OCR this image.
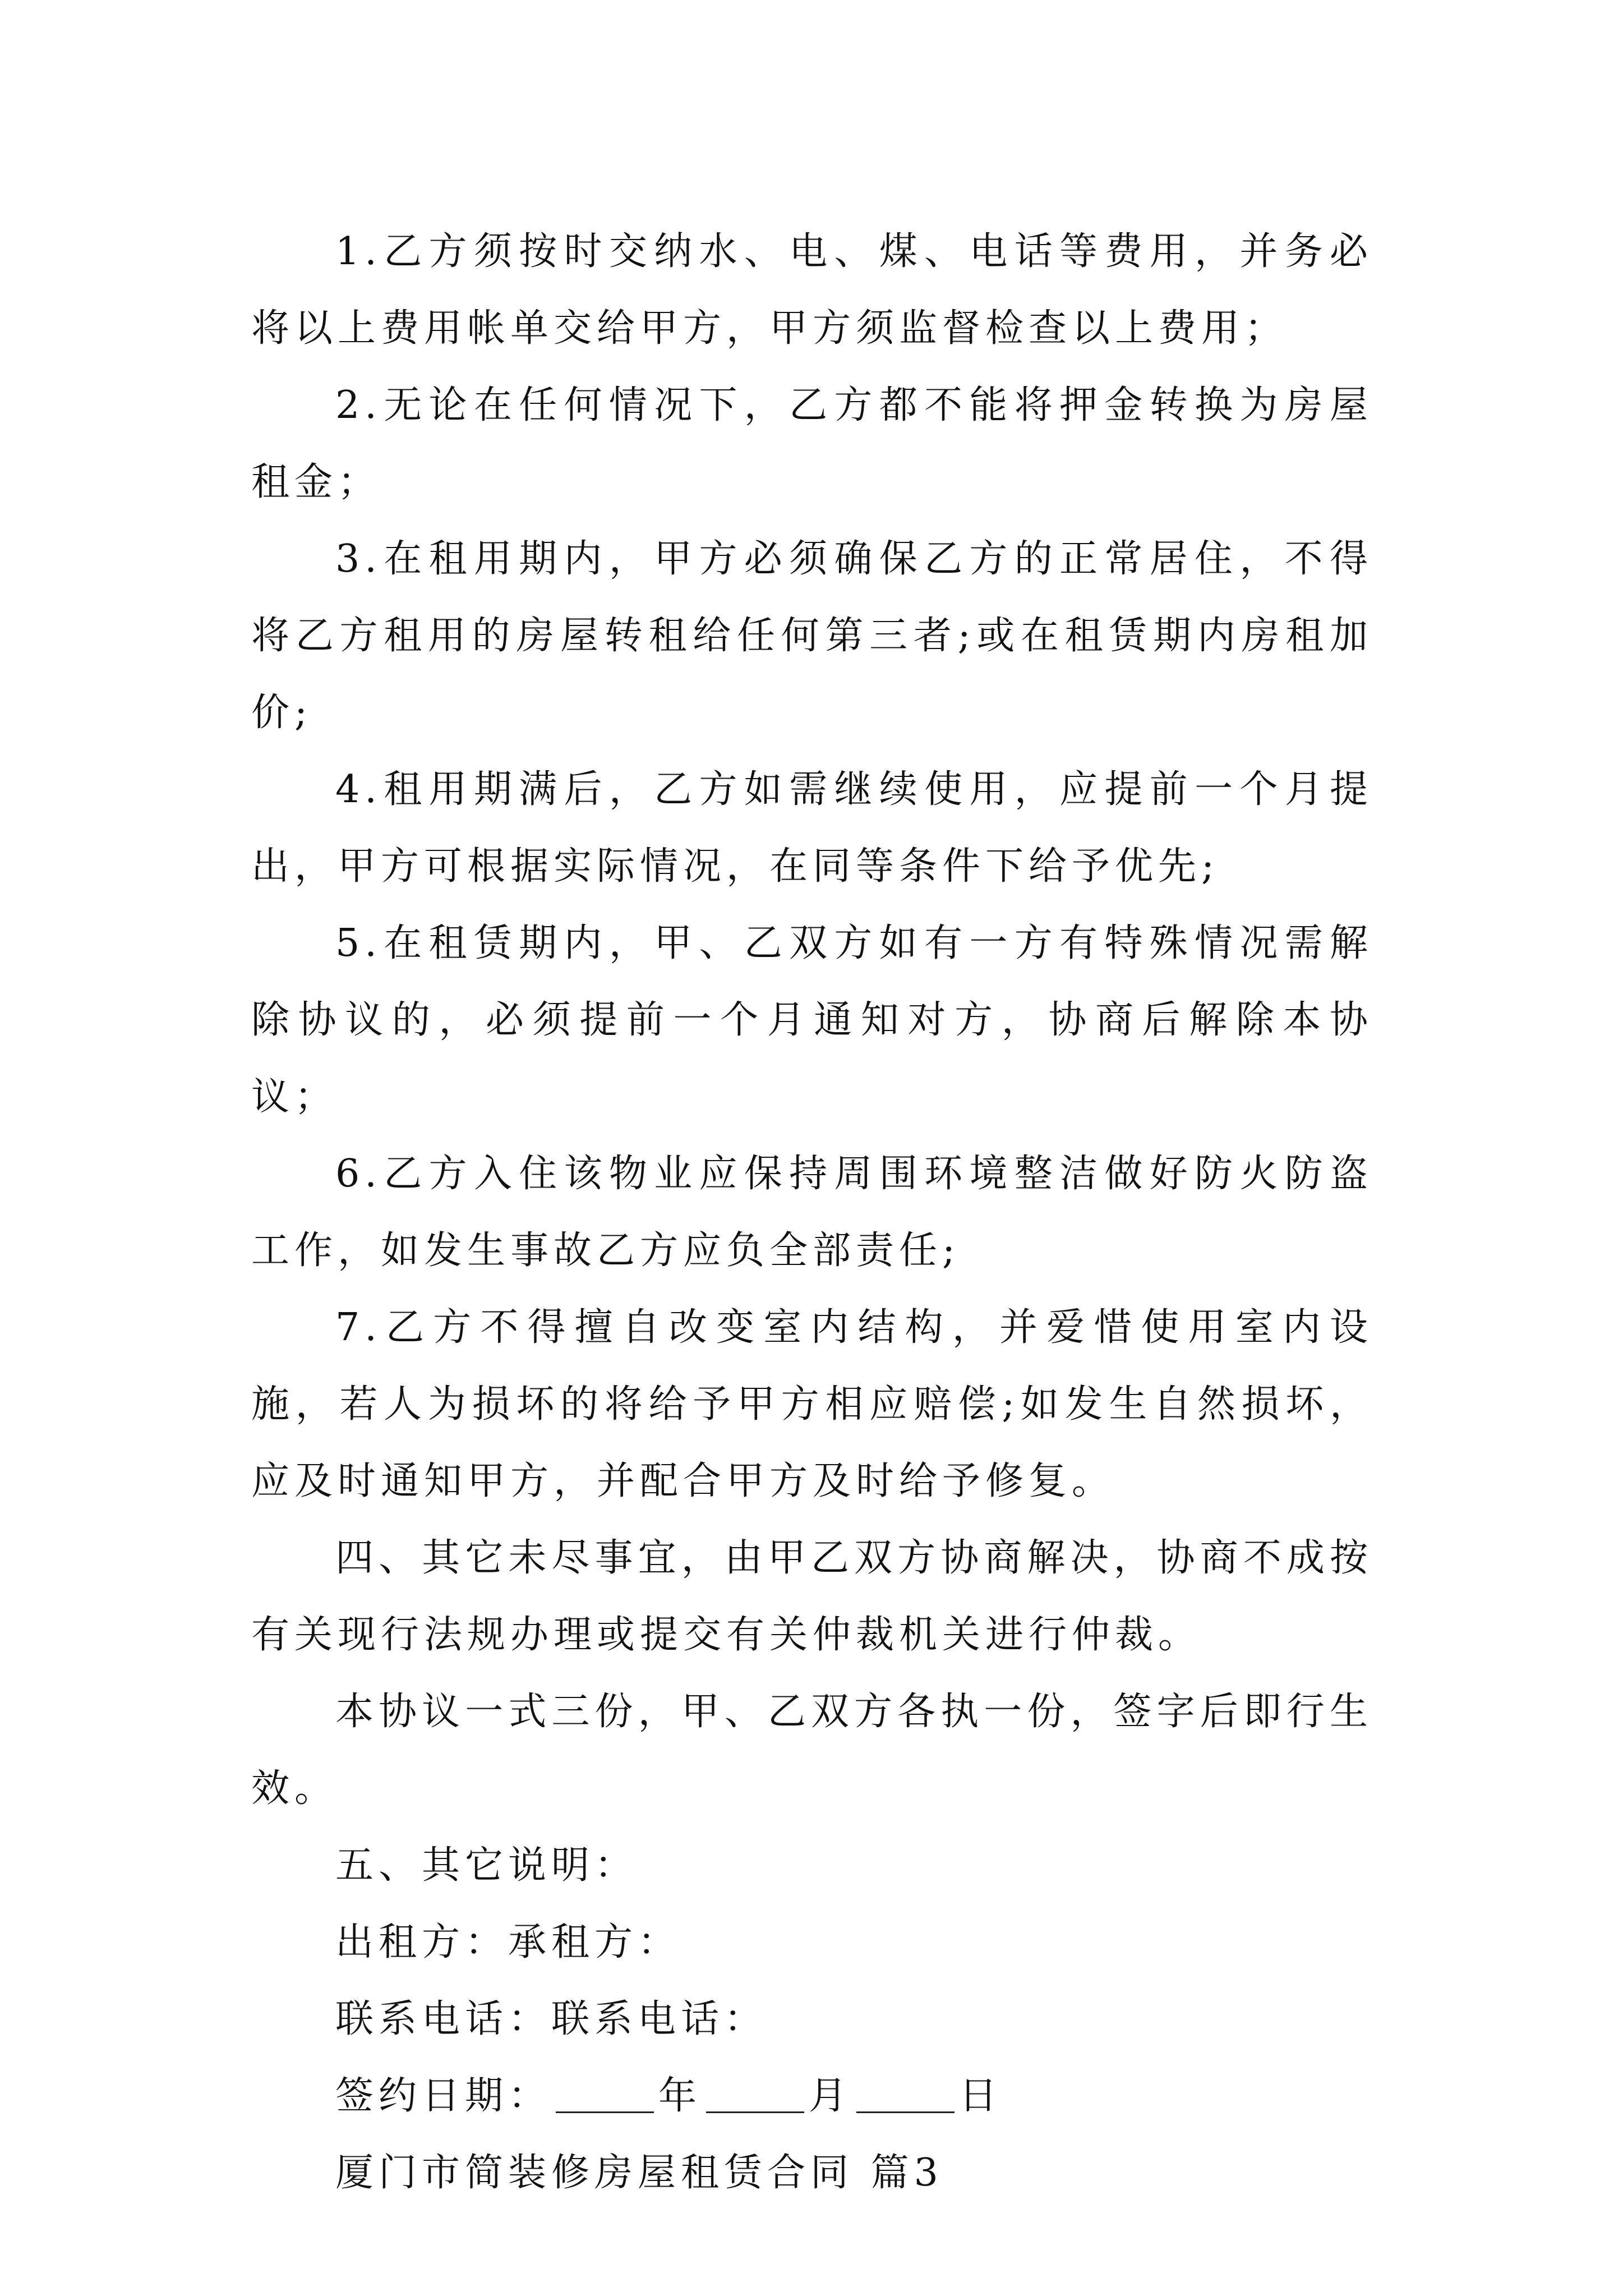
1.乙方须按时交纳水、电、煤、电话等费用，并务必将以上费用帐单交给甲方，甲方须监督检查以上费用；

2.无论在任何情况下，乙方都不能将押金转换为房屋租金；

3.在租用期内，甲方必须确保乙方的正常居住，不得将乙方租用的房屋转租给任何第三者;或在租赁期内房租加价;

4.租用期满后，乙方如需继续使用，应提前一个月提出，甲方可根据实际情况，在同等条件下给予优先;

5.在租赁期内，甲、乙双方如有一方有特殊情况需解除协议的，必须提前一个月通知对方，协商后解除本协议；

6.乙方入住该物业应保持周围环境整洁做好防火防盗工作，如发生事故乙方应负全部责任;

7.乙方不得擅自改变室内结构，并爱惜使用室内设施，若人为损坏的将给予甲方相应赔偿;如发生自然损坏，应及时通知甲方，并配合甲方及时给予修复。

四、其它未尽事宜，由甲乙双方协商解决，协商不成按有关现行法规办理或提交有关仲裁机关进行仲裁。

本协议一式三份，甲、乙双方各执一份，签字后即行生效。

五、其它说明：

出租方：承租方：

联系电话：联系电话：

签约日期：	年	月	日

厦门市简装修房屋租赁合同 篇3
